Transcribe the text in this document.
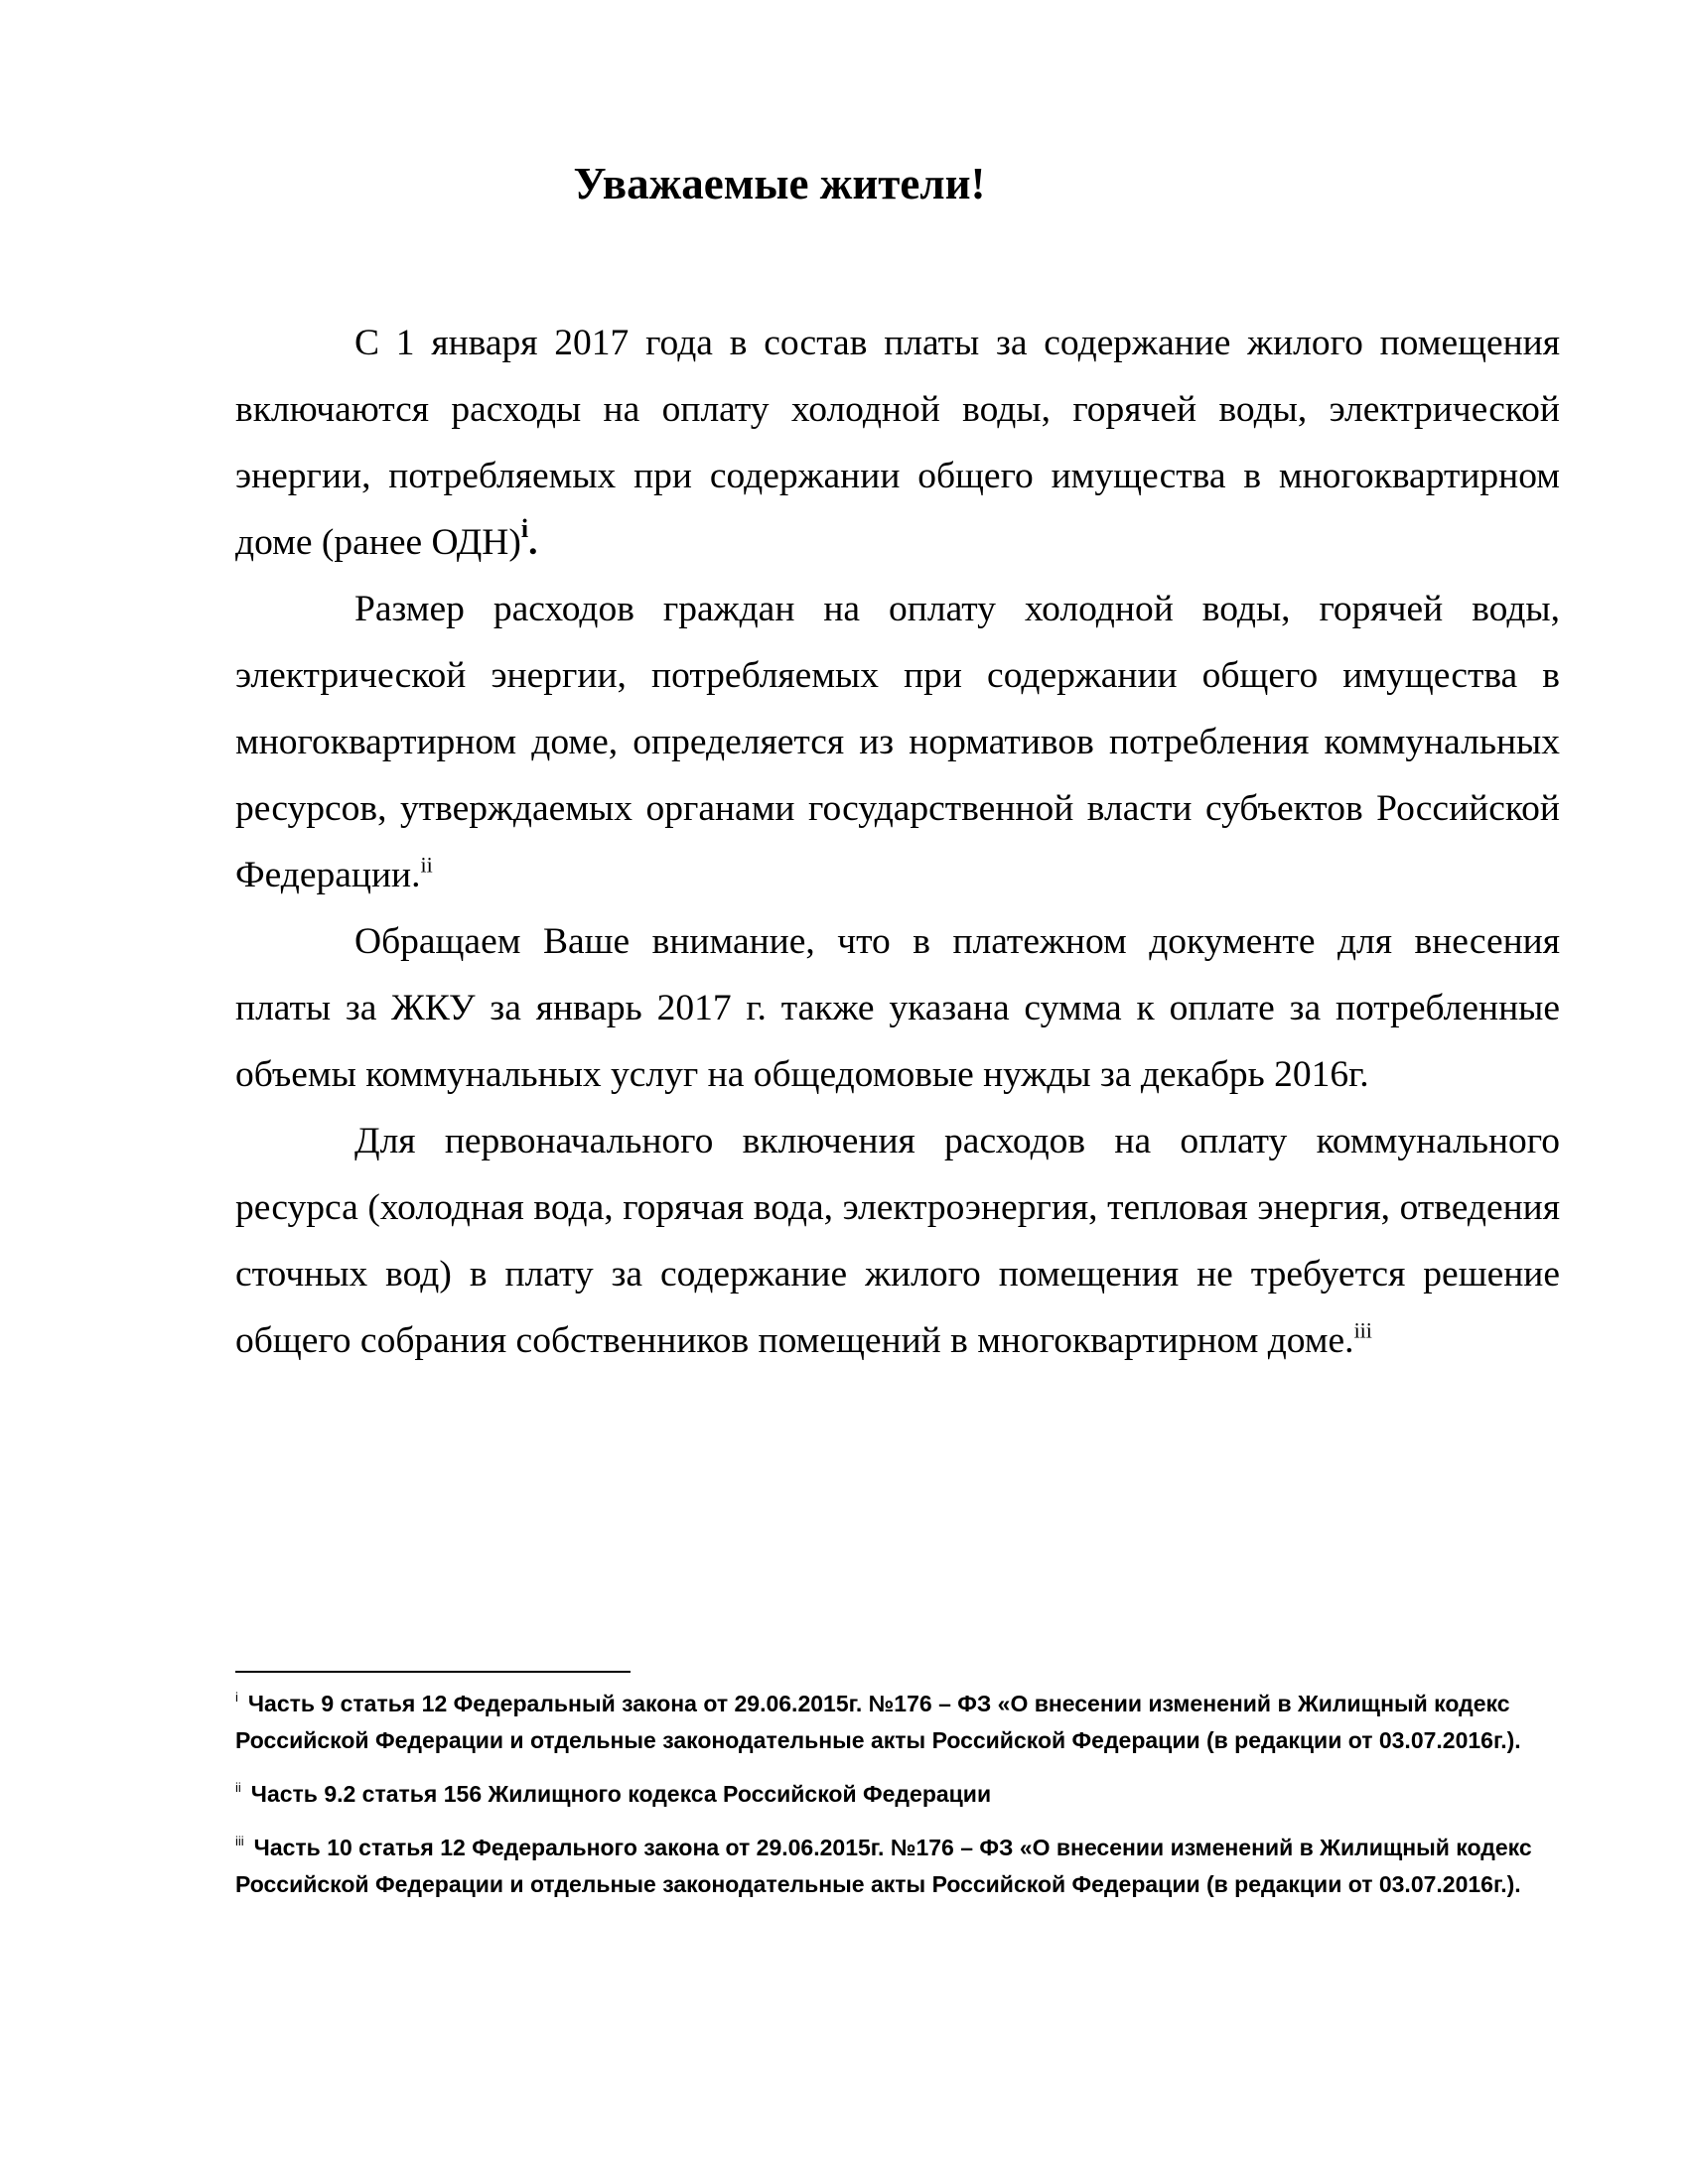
Уважаемые жители!

С 1 января 2017 года в состав платы за содержание жилого помещения включаются расходы на оплату холодной воды, горячей воды, электрической энергии, потребляемых при содержании общего имущества в многоквартирном доме (ранее ОДН)$^i$.

Размер расходов граждан на оплату холодной воды, горячей воды, электрической энергии, потребляемых при содержании общего имущества в многоквартирном доме, определяется из нормативов потребления коммунальных ресурсов, утверждаемых органами государственной власти субъектов Российской Федерации.$^{ii}$

Обращаем Ваше внимание, что в платежном документе для внесения платы за ЖКУ за январь 2017 г. также указана сумма к оплате за потребленные объемы коммунальных услуг на общедомовые нужды за декабрь 2016г.

Для первоначального включения расходов на оплату коммунального ресурса (холодная вода, горячая вода, электроэнергия, тепловая энергия, отведения сточных вод) в плату за содержание жилого помещения не требуется решение общего собрания собственников помещений в многоквартирном доме.$^{iii}$

$^i$ Часть 9 статья 12 Федеральный закона от 29.06.2015г. №176 – ФЗ «О внесении изменений в Жилищный кодекс Российской Федерации и отдельные законодательные акты Российской Федерации (в редакции от 03.07.2016г.).

$^{ii}$ Часть 9.2 статья 156 Жилищного кодекса Российской Федерации

$^{iii}$ Часть 10 статья 12 Федерального закона от 29.06.2015г. №176 – ФЗ «О внесении изменений в Жилищный кодекс Российской Федерации и отдельные законодательные акты Российской Федерации (в редакции от 03.07.2016г.).
